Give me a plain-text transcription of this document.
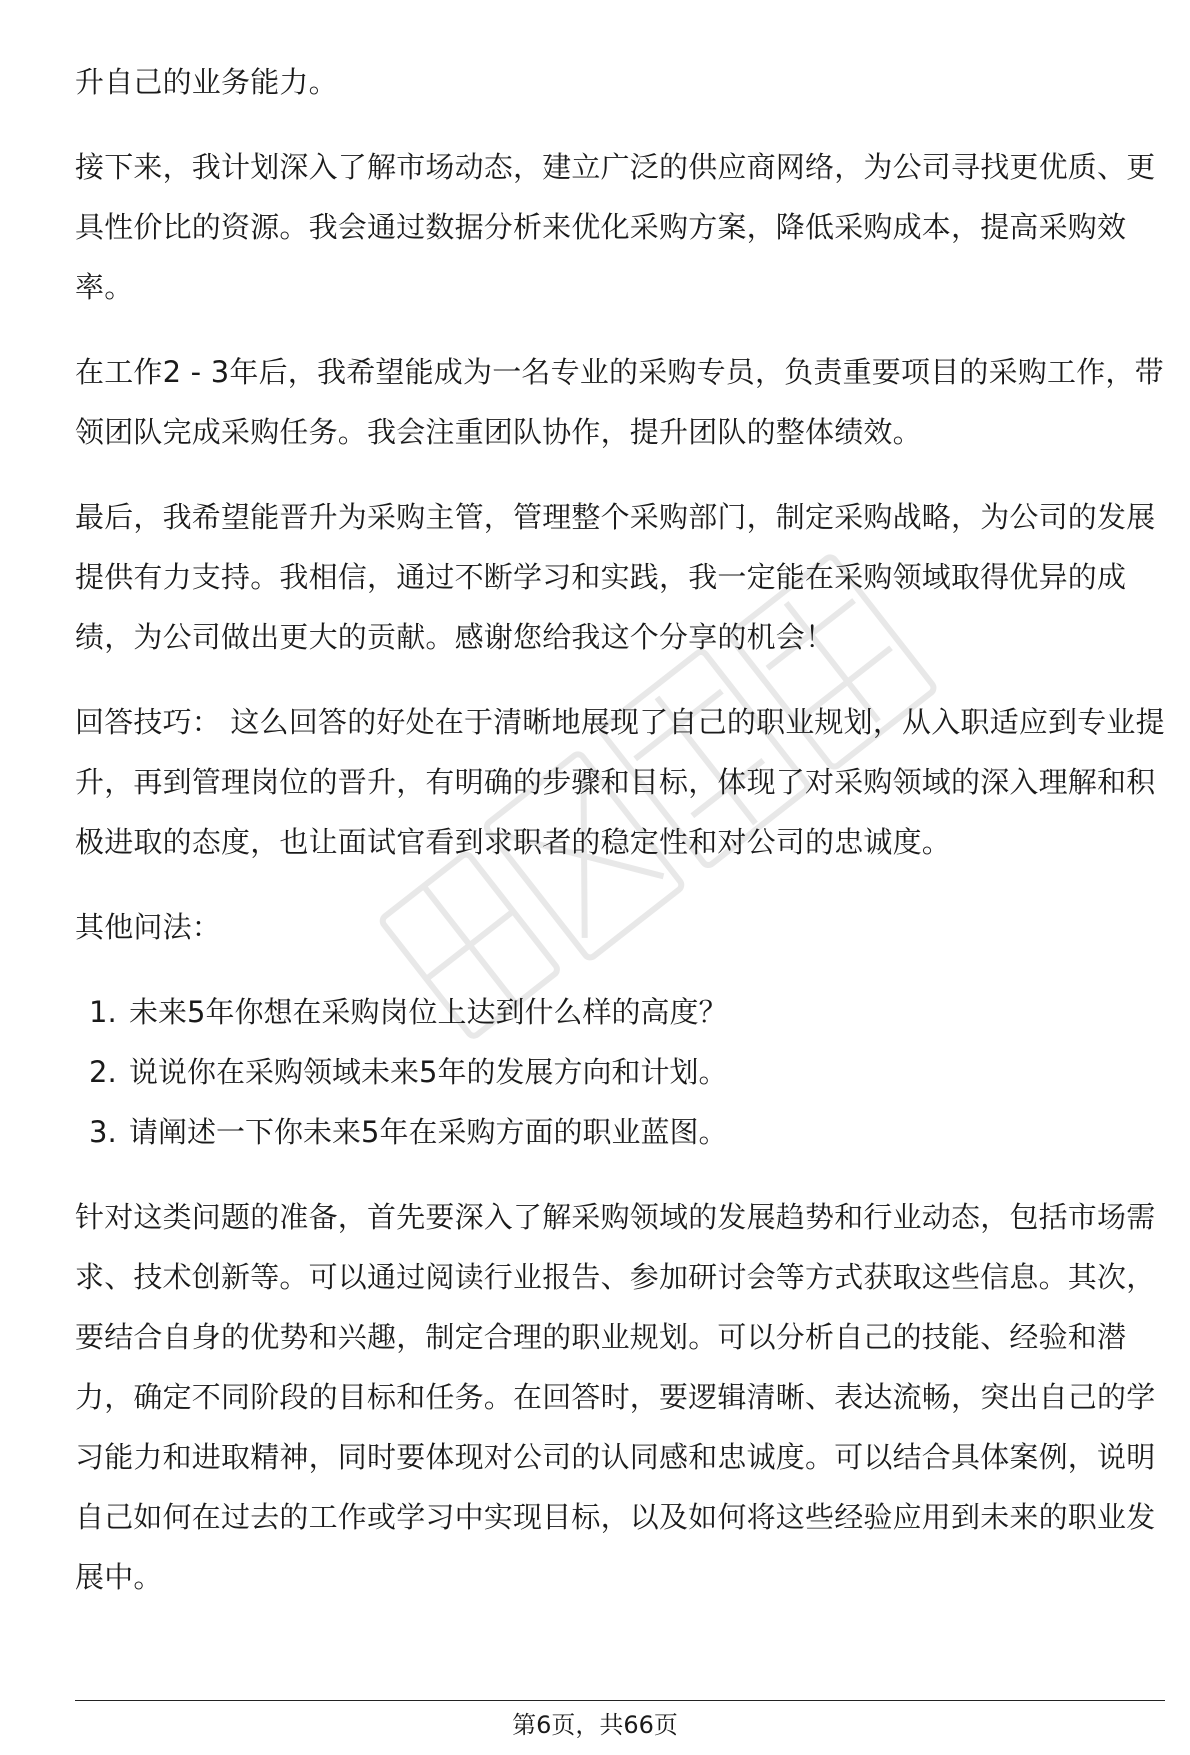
升自己的业务能力。

接下来，我计划深入了解市场动态，建立广泛的供应商网络，为公司寻找更优质、更具性价比的资源。我会通过数据分析来优化采购方案，降低采购成本，提高采购效率。

在工作2 - 3年后，我希望能成为一名专业的采购专员，负责重要项目的采购工作，带领团队完成采购任务。我会注重团队协作，提升团队的整体绩效。

最后，我希望能晋升为采购主管，管理整个采购部门，制定采购战略，为公司的发展提供有力支持。我相信，通过不断学习和实践，我一定能在采购领域取得优异的成绩，为公司做出更大的贡献。感谢您给我这个分享的机会！

回答技巧： 这么回答的好处在于清晰地展现了自己的职业规划，从入职适应到专业提升，再到管理岗位的晋升，有明确的步骤和目标，体现了对采购领域的深入理解和积极进取的态度，也让面试官看到求职者的稳定性和对公司的忠诚度。

其他问法：

1. 未来5年你想在采购岗位上达到什么样的高度？
2. 说说你在采购领域未来5年的发展方向和计划。
3. 请阐述一下你未来5年在采购方面的职业蓝图。

针对这类问题的准备，首先要深入了解采购领域的发展趋势和行业动态，包括市场需求、技术创新等。可以通过阅读行业报告、参加研讨会等方式获取这些信息。其次，要结合自身的优势和兴趣，制定合理的职业规划。可以分析自己的技能、经验和潜力，确定不同阶段的目标和任务。在回答时，要逻辑清晰、表达流畅，突出自己的学习能力和进取精神，同时要体现对公司的认同感和忠诚度。可以结合具体案例，说明自己如何在过去的工作或学习中实现目标，以及如何将这些经验应用到未来的职业发展中。

第6页，共66页
